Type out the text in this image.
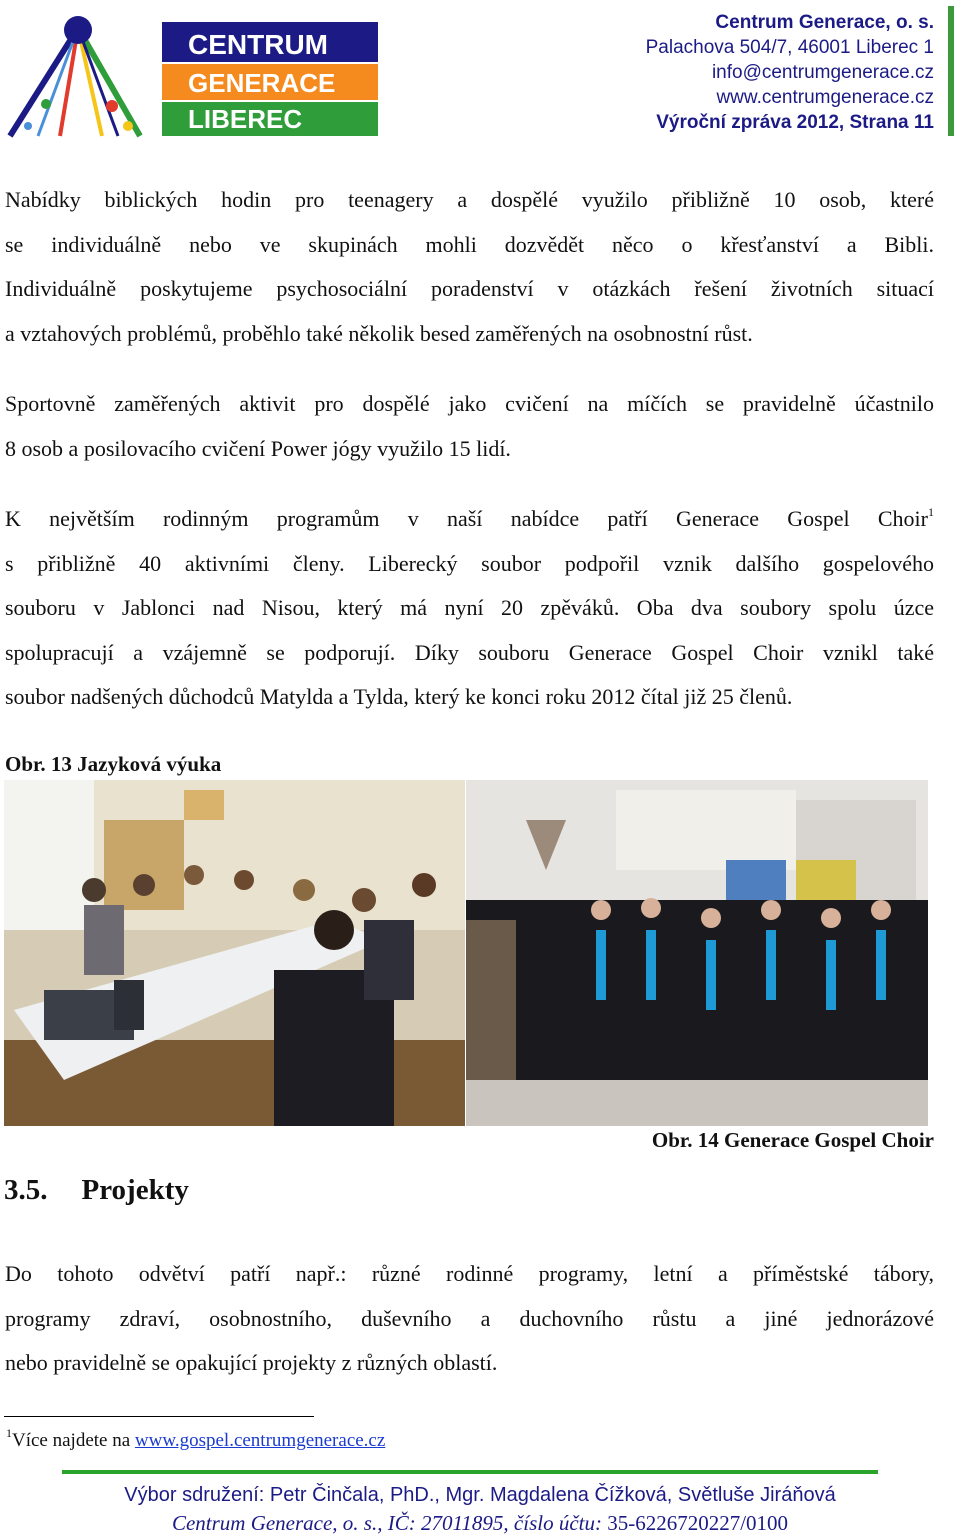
CENTRUM
GENERACE
LIBEREC
Centrum Generace, o. s.
Palachova 504/7, 46001 Liberec 1
info@centrumgenerace.cz
www.centrumgenerace.cz
Výroční zpráva 2012, Strana 11

Nabídky biblických hodin pro teenagery a dospělé využilo přibližně 10 osob, které

se individuálně nebo ve skupinách mohli dozvědět něco o křesťanství a Bibli.

Individuálně poskytujeme psychosociální poradenství v otázkách řešení životních situací

a vztahových problémů, proběhlo také několik besed zaměřených na osobnostní růst.

Sportovně zaměřených aktivit pro dospělé jako cvičení na míčích se pravidelně účastnilo

8 osob a posilovacího cvičení Power jógy využilo 15 lidí.

K největším rodinným programům v naší nabídce patří Generace Gospel Choir$^1$

s přibližně 40 aktivními členy. Liberecký soubor podpořil vznik dalšího gospelového

souboru v Jablonci nad Nisou, který má nyní 20 zpěváků. Oba dva soubory spolu úzce

spolupracují a vzájemně se podporují. Díky souboru Generace Gospel Choir vznikl také

soubor nadšených důchodců Matylda a Tylda, který ke konci roku 2012 čítal již 25 členů.

Obr. 13 Jazyková výuka
Obr. 14 Generace Gospel Choir
3.5. Projekty

Do tohoto odvětví patří např.: různé rodinné programy, letní a příměstské tábory,

programy zdraví, osobnostního, duševního a duchovního růstu a jiné jednorázové

nebo pravidelně se opakující projekty z různých oblastí.

$^1$Více najdete na www.gospel.centrumgenerace.cz
Výbor sdružení: Petr Činčala, PhD., Mgr. Magdalena Čížková, Světluše Jiráňová
Centrum Generace, o. s., IČ: 27011895, číslo účtu: 35-6226720227/0100
